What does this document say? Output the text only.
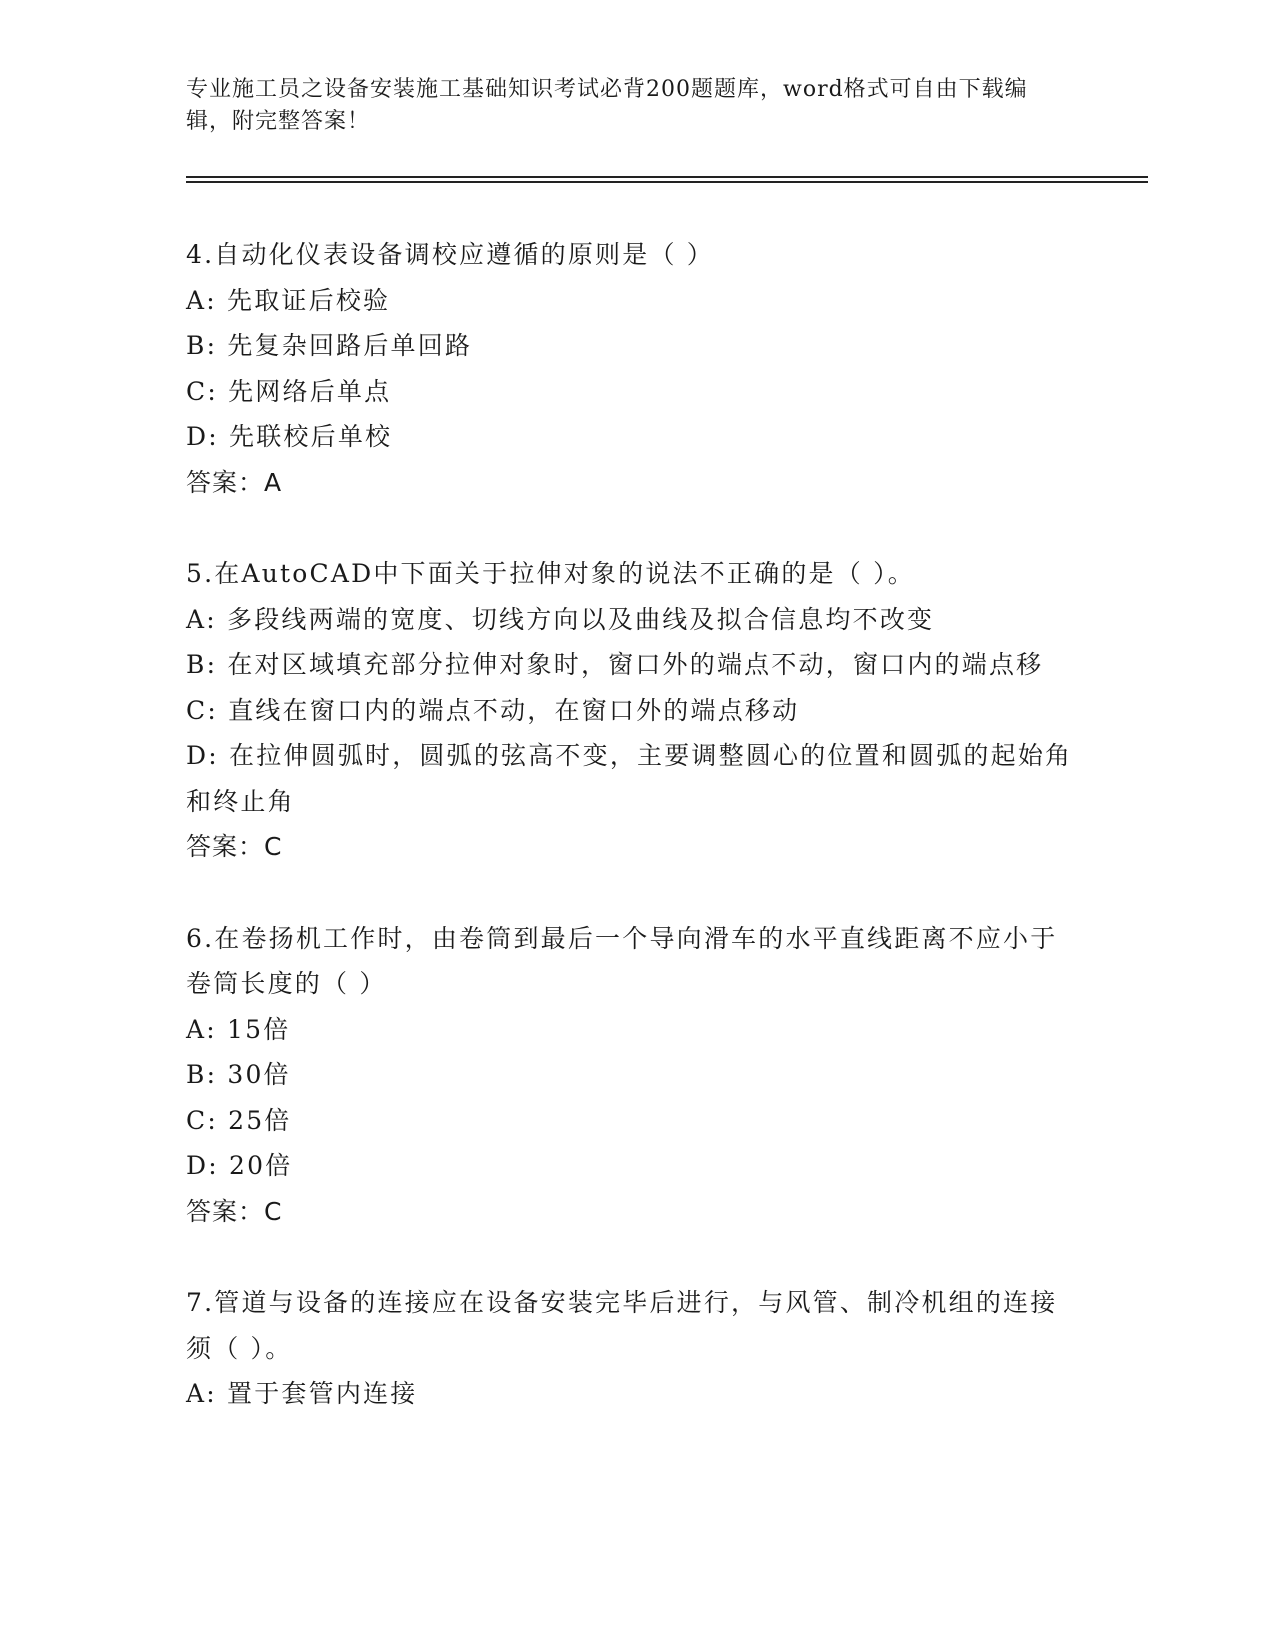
专业施工员之设备安装施工基础知识考试必背200题题库，word格式可自由下载编辑，附完整答案！
4.自动化仪表设备调校应遵循的原则是（ ）
A: 先取证后校验
B: 先复杂回路后单回路
C: 先网络后单点
D: 先联校后单校
答案：A
5.在AutoCAD中下面关于拉伸对象的说法不正确的是（ ）。
A: 多段线两端的宽度、切线方向以及曲线及拟合信息均不改变
B: 在对区域填充部分拉伸对象时，窗口外的端点不动，窗口内的端点移
C: 直线在窗口内的端点不动，在窗口外的端点移动
D: 在拉伸圆弧时，圆弧的弦高不变，主要调整圆心的位置和圆弧的起始角和终止角
答案：C
6.在卷扬机工作时，由卷筒到最后一个导向滑车的水平直线距离不应小于卷筒长度的（ ）
A: 15倍
B: 30倍
C: 25倍
D: 20倍
答案：C
7.管道与设备的连接应在设备安装完毕后进行，与风管、制冷机组的连接须（ ）。
A: 置于套管内连接
